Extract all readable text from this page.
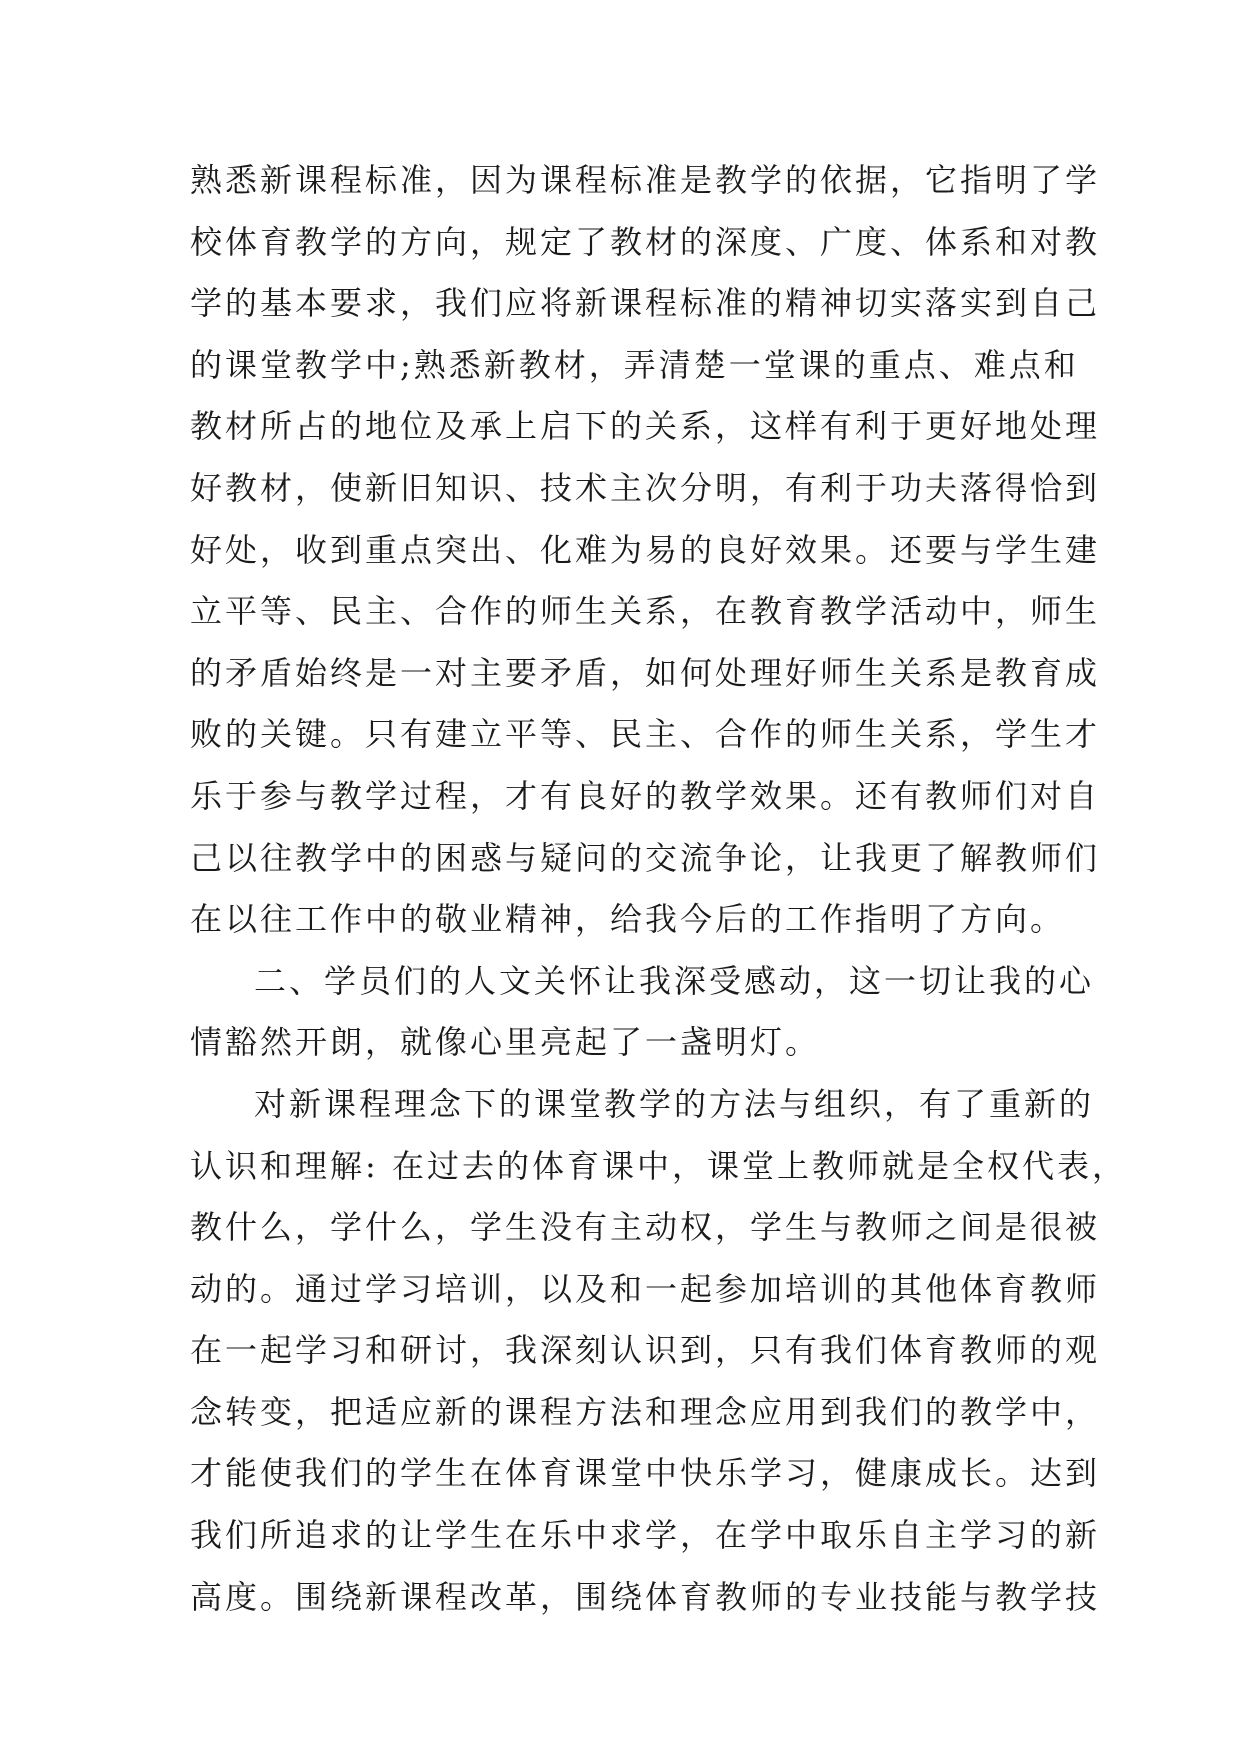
熟悉新课程标准，因为课程标准是教学的依据，它指明了学
校体育教学的方向，规定了教材的深度、广度、体系和对教
学的基本要求，我们应将新课程标准的精神切实落实到自己
的课堂教学中;熟悉新教材，弄清楚一堂课的重点、难点和
教材所占的地位及承上启下的关系，这样有利于更好地处理
好教材，使新旧知识、技术主次分明，有利于功夫落得恰到
好处，收到重点突出、化难为易的良好效果。还要与学生建
立平等、民主、合作的师生关系，在教育教学活动中，师生
的矛盾始终是一对主要矛盾，如何处理好师生关系是教育成
败的关键。只有建立平等、民主、合作的师生关系，学生才
乐于参与教学过程，才有良好的教学效果。还有教师们对自
己以往教学中的困惑与疑问的交流争论，让我更了解教师们
在以往工作中的敬业精神，给我今后的工作指明了方向。
二、学员们的人文关怀让我深受感动，这一切让我的心
情豁然开朗，就像心里亮起了一盏明灯。
对新课程理念下的课堂教学的方法与组织，有了重新的
认识和理解: 在过去的体育课中，课堂上教师就是全权代表，
教什么，学什么，学生没有主动权，学生与教师之间是很被
动的。通过学习培训，以及和一起参加培训的其他体育教师
在一起学习和研讨，我深刻认识到，只有我们体育教师的观
念转变，把适应新的课程方法和理念应用到我们的教学中，
才能使我们的学生在体育课堂中快乐学习，健康成长。达到
我们所追求的让学生在乐中求学，在学中取乐自主学习的新
高度。围绕新课程改革，围绕体育教师的专业技能与教学技
